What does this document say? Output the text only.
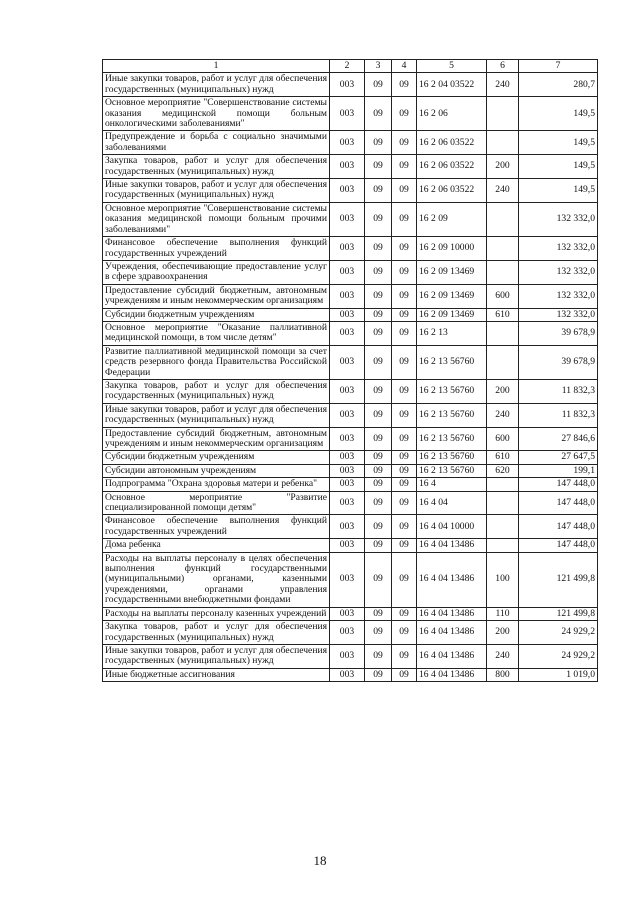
1	2	3	4	5	6	7
Иные закупки товаров, работ и услуг для обеспечения государственных (муниципальных) нужд	003	09	09	16 2 04 03522	240	280,7
Основное мероприятие "Совершенствование системы оказания медицинской помощи больным онкологическими заболеваниями"	003	09	09	16 2 06		149,5
Предупреждение и борьба с социально значимыми заболеваниями	003	09	09	16 2 06 03522		149,5
Закупка товаров, работ и услуг для обеспечения государственных (муниципальных) нужд	003	09	09	16 2 06 03522	200	149,5
Иные закупки товаров, работ и услуг для обеспечения государственных (муниципальных) нужд	003	09	09	16 2 06 03522	240	149,5
Основное мероприятие "Совершенствование системы оказания медицинской помощи больным прочими заболеваниями"	003	09	09	16 2 09		132 332,0
Финансовое обеспечение выполнения функций государственных учреждений	003	09	09	16 2 09 10000		132 332,0
Учреждения, обеспечивающие предоставление услуг в сфере здравоохранения	003	09	09	16 2 09 13469		132 332,0
Предоставление субсидий бюджетным, автономным учреждениям и иным некоммерческим организациям	003	09	09	16 2 09 13469	600	132 332,0
Субсидии бюджетным учреждениям	003	09	09	16 2 09 13469	610	132 332,0
Основное мероприятие "Оказание паллиативной медицинской помощи, в том числе детям"	003	09	09	16 2 13		39 678,9
Развитие паллиативной медицинской помощи за счет средств резервного фонда Правительства Российской Федерации	003	09	09	16 2 13 56760		39 678,9
Закупка товаров, работ и услуг для обеспечения государственных (муниципальных) нужд	003	09	09	16 2 13 56760	200	11 832,3
Иные закупки товаров, работ и услуг для обеспечения государственных (муниципальных) нужд	003	09	09	16 2 13 56760	240	11 832,3
Предоставление субсидий бюджетным, автономным учреждениям и иным некоммерческим организациям	003	09	09	16 2 13 56760	600	27 846,6
Субсидии бюджетным учреждениям	003	09	09	16 2 13 56760	610	27 647,5
Субсидии автономным учреждениям	003	09	09	16 2 13 56760	620	199,1
Подпрограмма "Охрана здоровья матери и ребенка"	003	09	09	16 4		147 448,0
Основное мероприятие "Развитие специализированной помощи детям"	003	09	09	16 4 04		147 448,0
Финансовое обеспечение выполнения функций государственных учреждений	003	09	09	16 4 04 10000		147 448,0
Дома ребенка	003	09	09	16 4 04 13486		147 448,0
Расходы на выплаты персоналу в целях обеспечения выполнения функций государственными (муниципальными) органами, казенными учреждениями, органами управления государственными внебюджетными фондами	003	09	09	16 4 04 13486	100	121 499,8
Расходы на выплаты персоналу казенных учреждений	003	09	09	16 4 04 13486	110	121 499,8
Закупка товаров, работ и услуг для обеспечения государственных (муниципальных) нужд	003	09	09	16 4 04 13486	200	24 929,2
Иные закупки товаров, работ и услуг для обеспечения государственных (муниципальных) нужд	003	09	09	16 4 04 13486	240	24 929,2
Иные бюджетные ассигнования	003	09	09	16 4 04 13486	800	1 019,0
18
